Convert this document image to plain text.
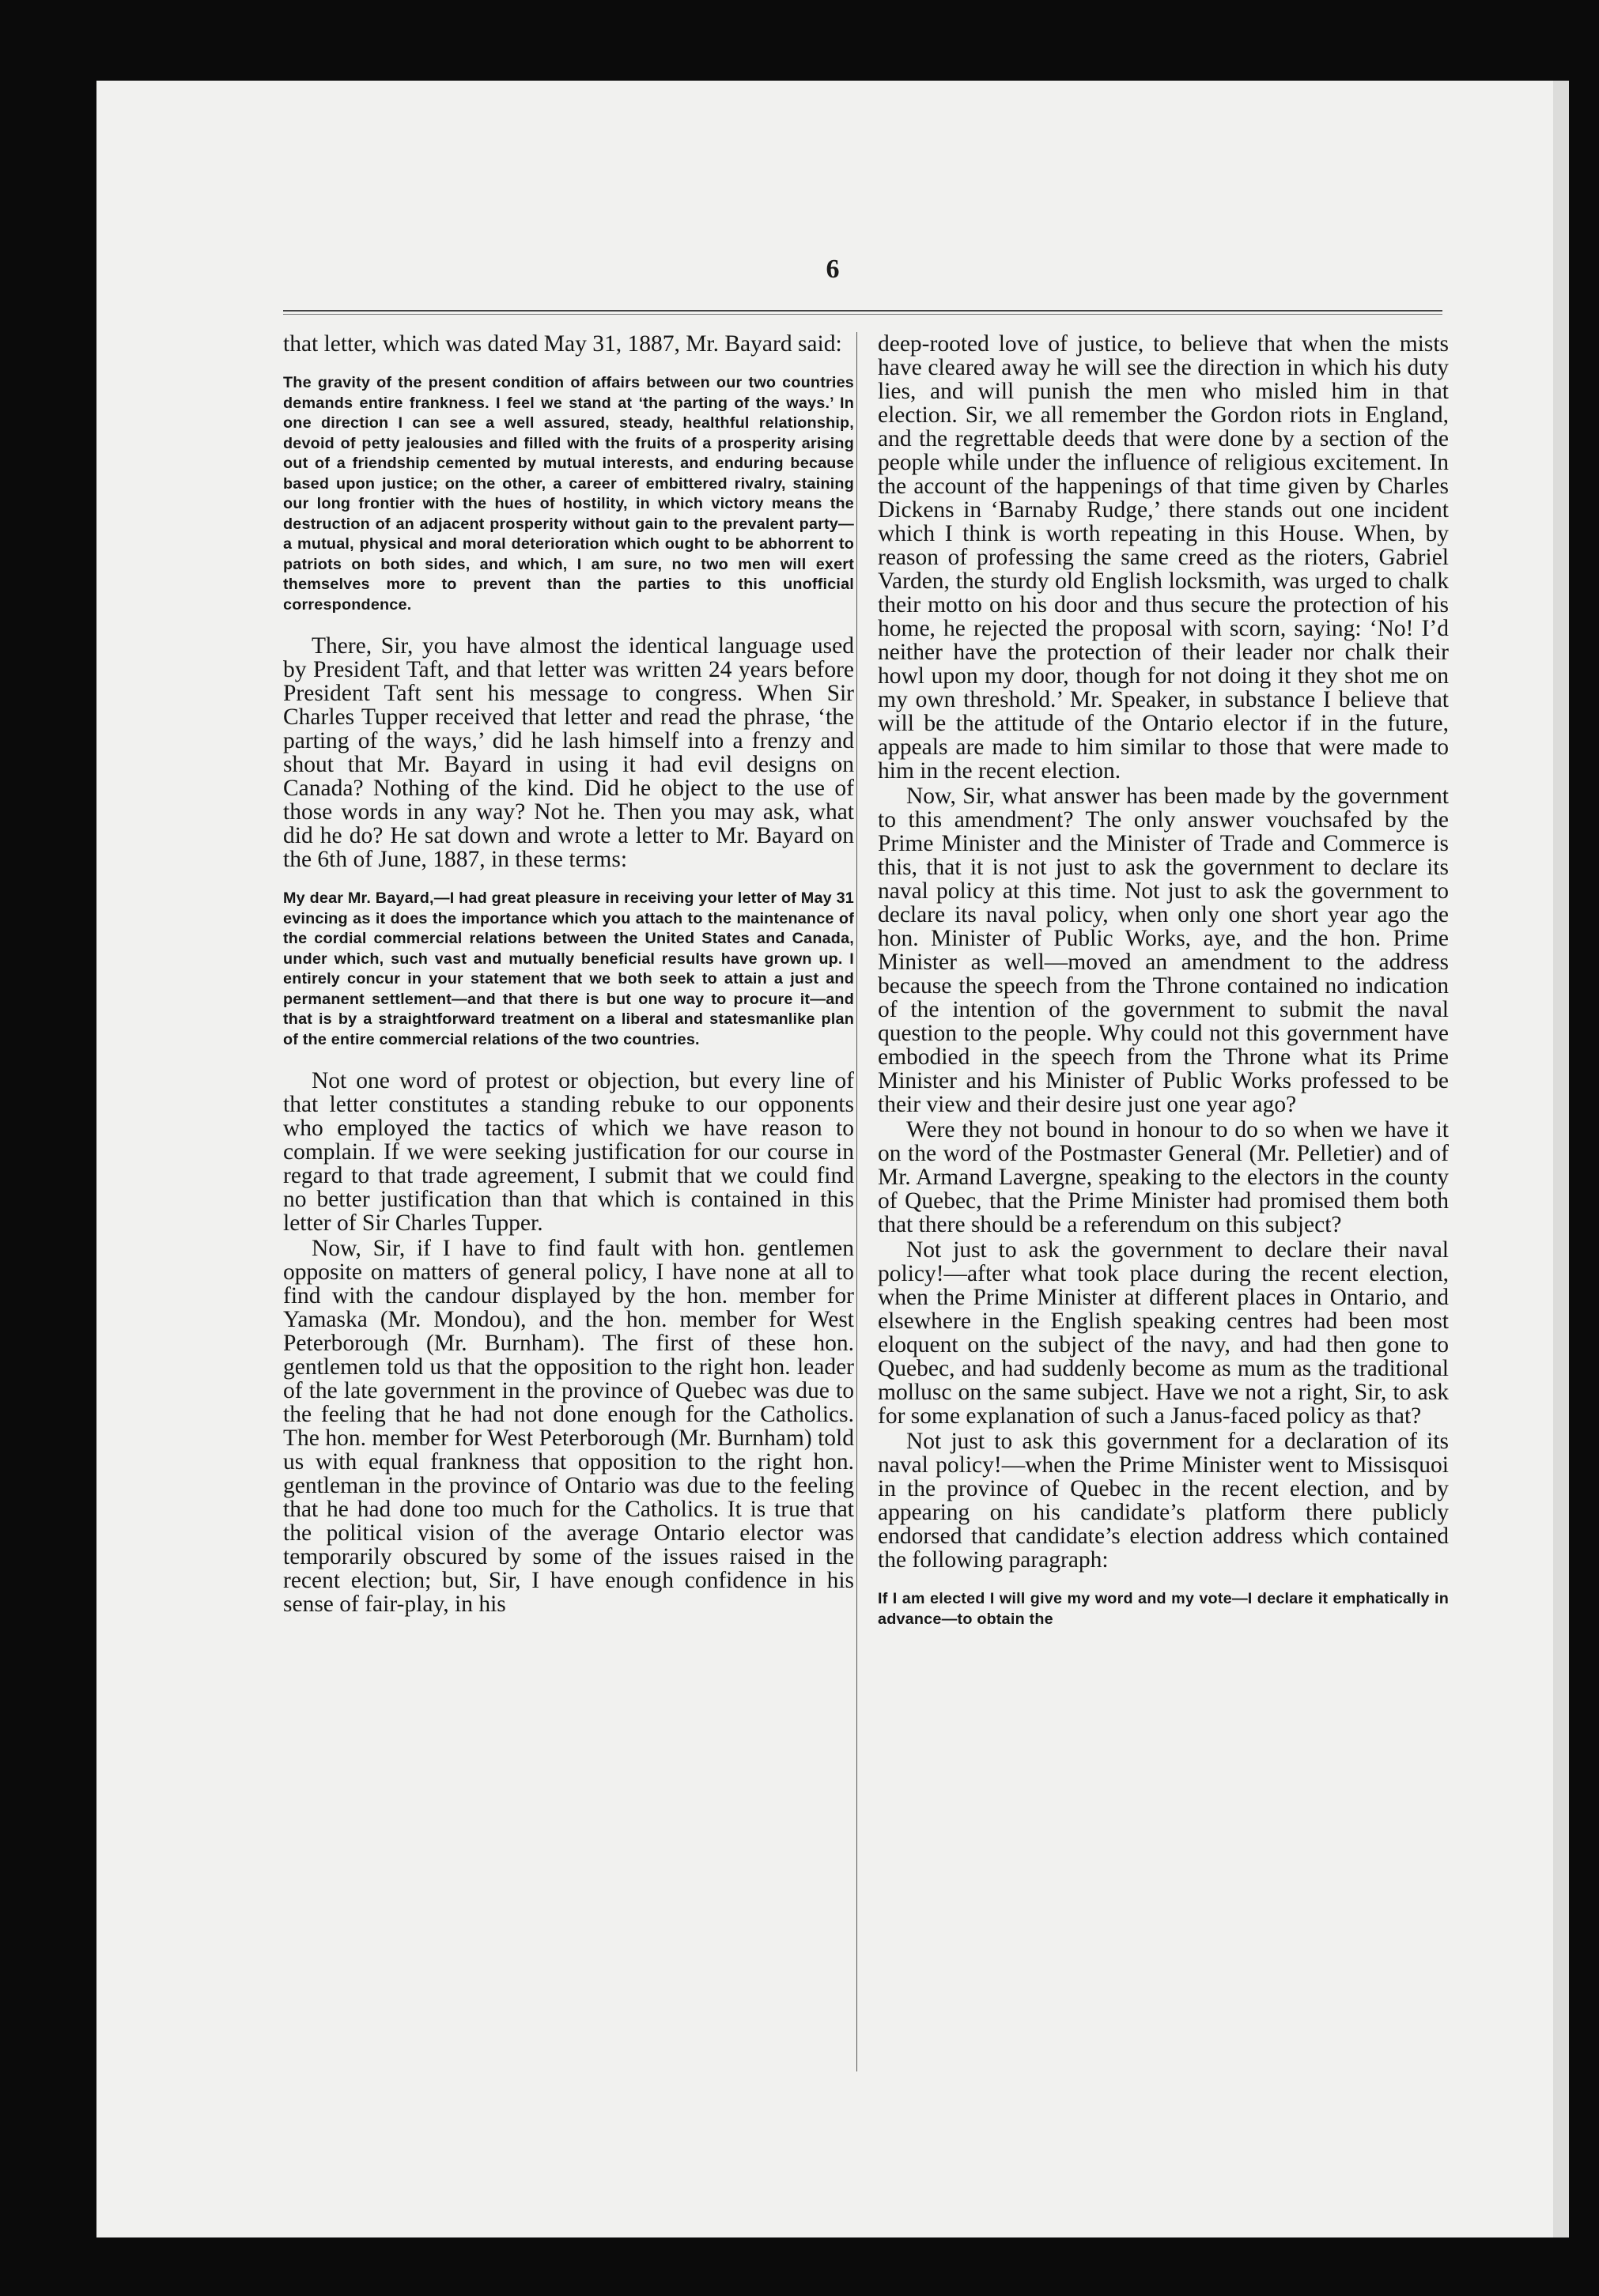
6

that letter, which was dated May 31, 1887, Mr. Bayard said:

The gravity of the present condition of affairs between our two countries demands entire frankness. I feel we stand at ‘the parting of the ways.’ In one direction I can see a well assured, steady, healthful relationship, devoid of petty jealousies and filled with the fruits of a prosperity arising out of a friendship cemented by mutual interests, and enduring because based upon justice; on the other, a career of embittered rivalry, staining our long frontier with the hues of hostility, in which victory means the destruction of an adjacent prosperity without gain to the prevalent party—a mutual, physical and moral deterioration which ought to be abhorrent to patriots on both sides, and which, I am sure, no two men will exert themselves more to prevent than the parties to this unofficial correspondence.

There, Sir, you have almost the identical language used by President Taft, and that letter was written 24 years before President Taft sent his message to congress. When Sir Charles Tupper received that letter and read the phrase, ‘the parting of the ways,’ did he lash himself into a frenzy and shout that Mr. Bayard in using it had evil designs on Canada? Nothing of the kind. Did he object to the use of those words in any way? Not he. Then you may ask, what did he do? He sat down and wrote a letter to Mr. Bayard on the 6th of June, 1887, in these terms:

My dear Mr. Bayard,—I had great pleasure in receiving your letter of May 31 evincing as it does the importance which you attach to the maintenance of the cordial commercial relations between the United States and Canada, under which, such vast and mutually beneficial results have grown up. I entirely concur in your statement that we both seek to attain a just and permanent settlement—and that there is but one way to procure it—and that is by a straightforward treatment on a liberal and statesmanlike plan of the entire commercial relations of the two countries.

Not one word of protest or objection, but every line of that letter constitutes a standing rebuke to our opponents who employed the tactics of which we have reason to complain. If we were seeking justification for our course in regard to that trade agreement, I submit that we could find no better justification than that which is contained in this letter of Sir Charles Tupper.

Now, Sir, if I have to find fault with hon. gentlemen opposite on matters of general policy, I have none at all to find with the candour displayed by the hon. member for Yamaska (Mr. Mondou), and the hon. member for West Peterborough (Mr. Burnham). The first of these hon. gentlemen told us that the opposition to the right hon. leader of the late government in the province of Quebec was due to the feeling that he had not done enough for the Catholics. The hon. member for West Peterborough (Mr. Burnham) told us with equal frankness that opposition to the right hon. gentleman in the province of Ontario was due to the feeling that he had done too much for the Catholics. It is true that the political vision of the average Ontario elector was temporarily obscured by some of the issues raised in the recent election; but, Sir, I have enough confidence in his sense of fair-play, in his

deep-rooted love of justice, to believe that when the mists have cleared away he will see the direction in which his duty lies, and will punish the men who misled him in that election. Sir, we all remember the Gordon riots in England, and the regrettable deeds that were done by a section of the people while under the influence of religious excitement. In the account of the happenings of that time given by Charles Dickens in ‘Barnaby Rudge,’ there stands out one incident which I think is worth repeating in this House. When, by reason of professing the same creed as the rioters, Gabriel Varden, the sturdy old English locksmith, was urged to chalk their motto on his door and thus secure the protection of his home, he rejected the proposal with scorn, saying: ‘No! I’d neither have the protection of their leader nor chalk their howl upon my door, though for not doing it they shot me on my own threshold.’ Mr. Speaker, in substance I believe that will be the attitude of the Ontario elector if in the future, appeals are made to him similar to those that were made to him in the recent election.

Now, Sir, what answer has been made by the government to this amendment? The only answer vouchsafed by the Prime Minister and the Minister of Trade and Commerce is this, that it is not just to ask the government to declare its naval policy at this time. Not just to ask the government to declare its naval policy, when only one short year ago the hon. Minister of Public Works, aye, and the hon. Prime Minister as well—moved an amendment to the address because the speech from the Throne contained no indication of the intention of the government to submit the naval question to the people. Why could not this government have embodied in the speech from the Throne what its Prime Minister and his Minister of Public Works professed to be their view and their desire just one year ago?

Were they not bound in honour to do so when we have it on the word of the Postmaster General (Mr. Pelletier) and of Mr. Armand Lavergne, speaking to the electors in the county of Quebec, that the Prime Minister had promised them both that there should be a referendum on this subject?

Not just to ask the government to declare their naval policy!—after what took place during the recent election, when the Prime Minister at different places in Ontario, and elsewhere in the English speaking centres had been most eloquent on the subject of the navy, and had then gone to Quebec, and had suddenly become as mum as the traditional mollusc on the same subject. Have we not a right, Sir, to ask for some explanation of such a Janus-faced policy as that?

Not just to ask this government for a declaration of its naval policy!—when the Prime Minister went to Missisquoi in the province of Quebec in the recent election, and by appearing on his candidate’s platform there publicly endorsed that candidate’s election address which contained the following paragraph:

If I am elected I will give my word and my vote—I declare it emphatically in advance—to obtain the
